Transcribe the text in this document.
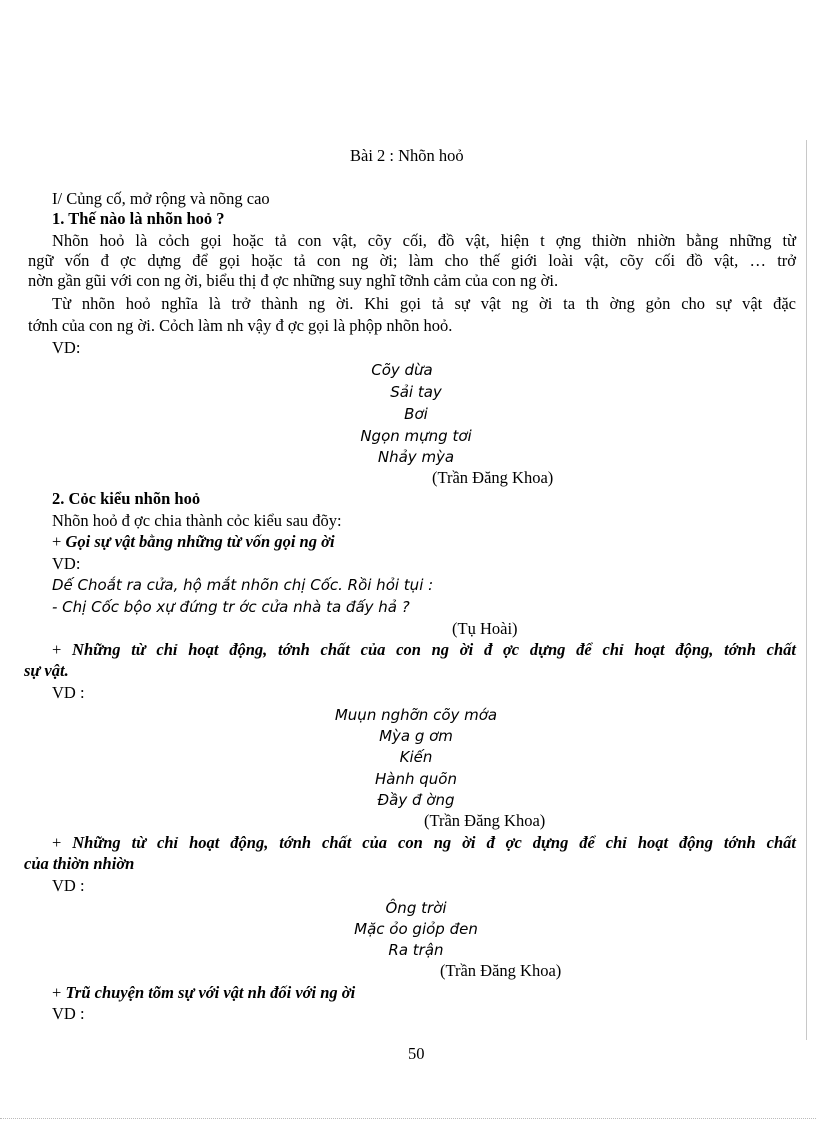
Bài 2 : Nhõn hoỏ
I/ Củng cố, mở rộng và nõng cao
1. Thế nào là nhõn hoỏ ?
Nhõn hoỏ là cỏch gọi hoặc tả con vật, cõy cối, đồ vật, hiện t ợng thiờn nhiờn bằng những từ
ngữ vốn đ ợc dựng để gọi hoặc tả con ng ời; làm cho thế giới loài vật, cõy cối đồ vật, … trở
nờn gần gũi với con ng ời, biểu thị đ ợc những suy nghĩ tỡnh cảm của con ng ời.
Từ nhõn hoỏ nghĩa là trở thành ng ời. Khi gọi tả sự vật ng ời ta th ờng gỏn cho sự vật đặc
tớnh của con ng ời. Cỏch làm nh vậy đ ợc gọi là phộp nhõn hoỏ.
VD:
Cõy dừa
Sải tay
Bơi
Ngọn mựng tơi
Nhảy mỳa
(Trần Đăng Khoa)
2. Cỏc kiểu nhõn hoỏ
Nhõn hoỏ đ ợc chia thành cỏc kiểu sau đõy:
+ Gọi sự vật bằng những từ vốn gọi ng ời
VD:
Dế Choắt ra cửa, hộ mắt nhõn chị Cốc. Rồi hỏi tụi :
- Chị Cốc bộo xự đứng tr ớc cửa nhà ta đấy hả ?
(Tụ Hoài)
+ Những từ chỉ hoạt động, tớnh chất của con ng ời đ ợc dựng để chỉ hoạt động, tớnh chất
sự vật.
VD :
Muụn nghỡn cõy mớa
Mỳa g ơm
Kiến
Hành quõn
Đầy đ ờng
(Trần Đăng Khoa)
+ Những từ chỉ hoạt động, tớnh chất của con ng ời đ ợc dựng để chỉ hoạt động tớnh chất
của thiờn nhiờn
VD :
Ông trời
Mặc ỏo giỏp đen
Ra trận
(Trần Đăng Khoa)
+ Trũ chuyện tõm sự với vật nh đối với ng ời
VD :
50
